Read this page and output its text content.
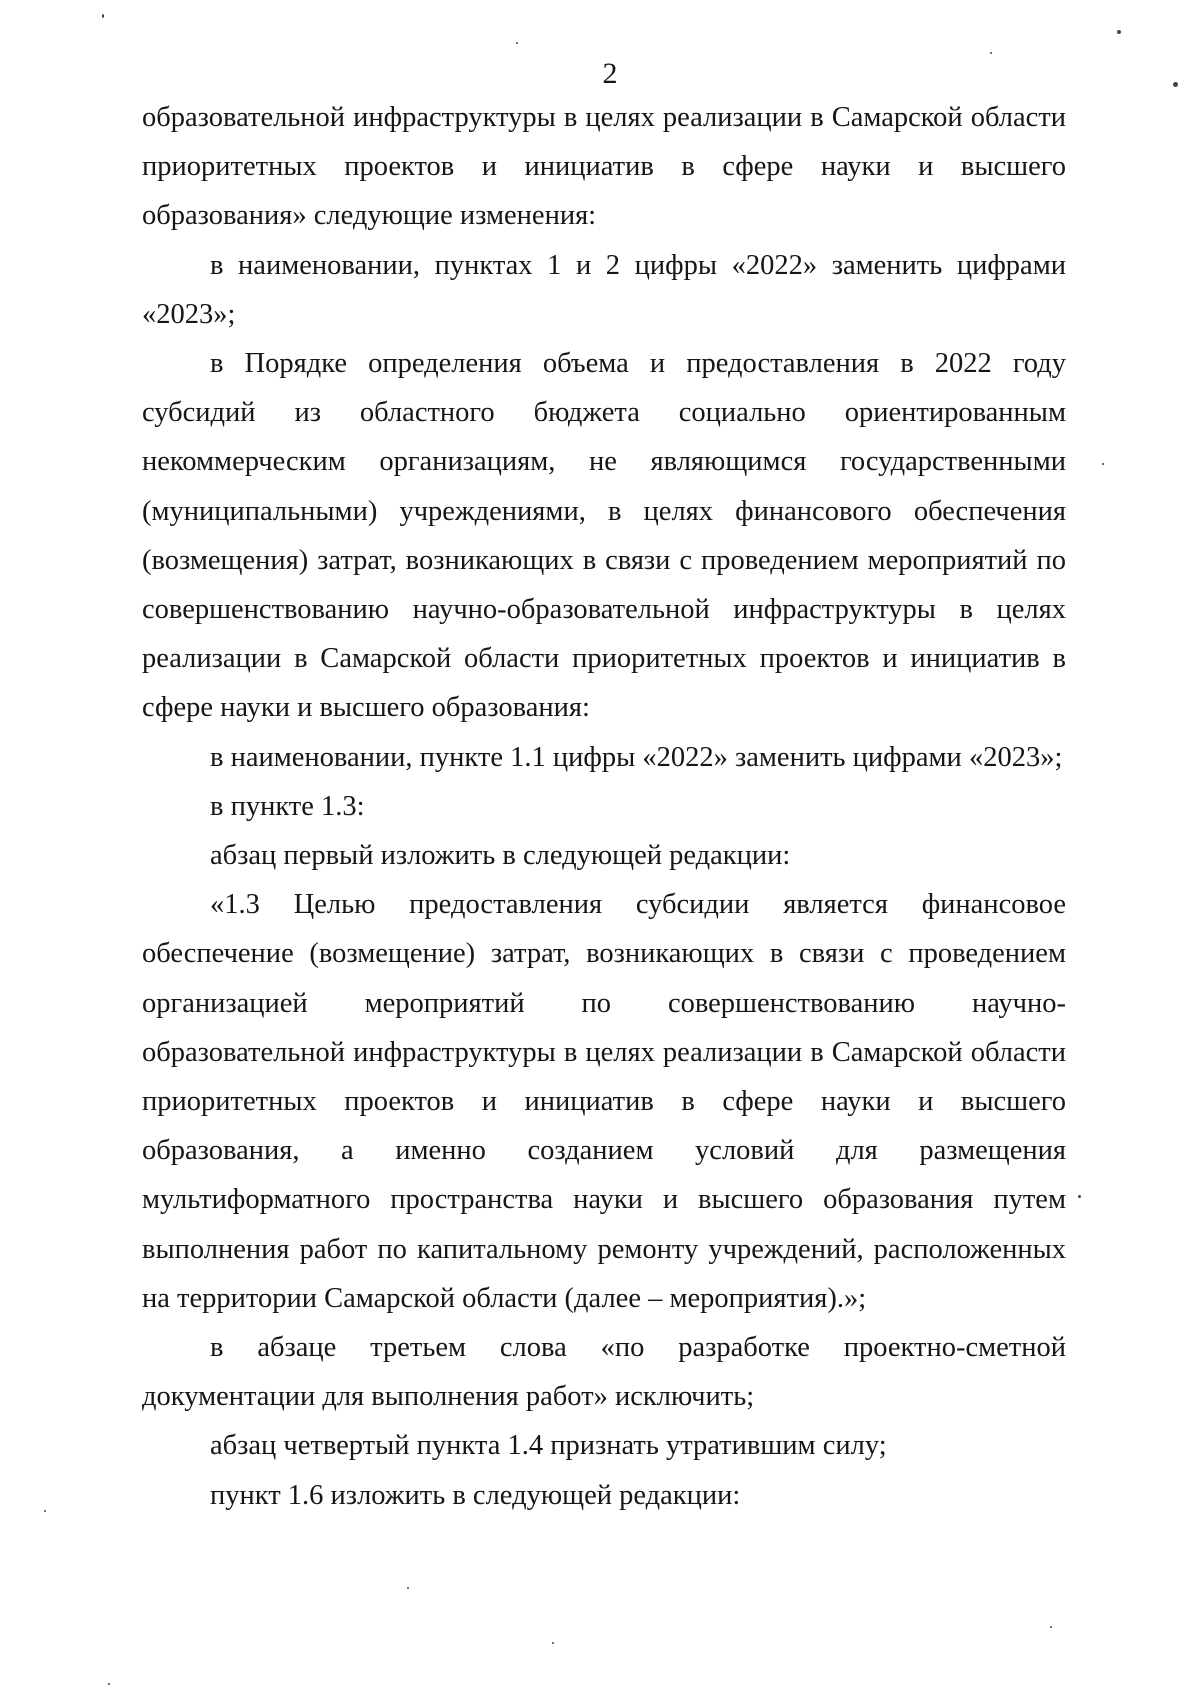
2

образовательной инфраструктуры в целях реализации в Самарской области приоритетных проектов и инициатив в сфере науки и высшего образования» следующие изменения:

в наименовании, пунктах 1 и 2 цифры «2022» заменить цифрами «2023»;

в Порядке определения объема и предоставления в 2022 году субсидий из областного бюджета социально ориентированным некоммерческим организациям, не являющимся государственными (муниципальными) учреждениями, в целях финансового обеспечения (возмещения) затрат, возникающих в связи с проведением мероприятий по совершенствованию научно-образовательной инфраструктуры в целях реализации в Самарской области приоритетных проектов и инициатив в сфере науки и высшего образования:

в наименовании, пункте 1.1 цифры «2022» заменить цифрами «2023»;

в пункте 1.3:

абзац первый изложить в следующей редакции:

«1.3 Целью предоставления субсидии является финансовое обеспечение (возмещение) затрат, возникающих в связи с проведением организацией мероприятий по совершенствованию научно-образовательной инфраструктуры в целях реализации в Самарской области приоритетных проектов и инициатив в сфере науки и высшего образования, а именно созданием условий для размещения мультиформатного пространства науки и высшего образования путем выполнения работ по капитальному ремонту учреждений, расположенных на территории Самарской области (далее – мероприятия).»;

в абзаце третьем слова «по разработке проектно-сметной документации для выполнения работ» исключить;

абзац четвертый пункта 1.4 признать утратившим силу;

пункт 1.6 изложить в следующей редакции:
